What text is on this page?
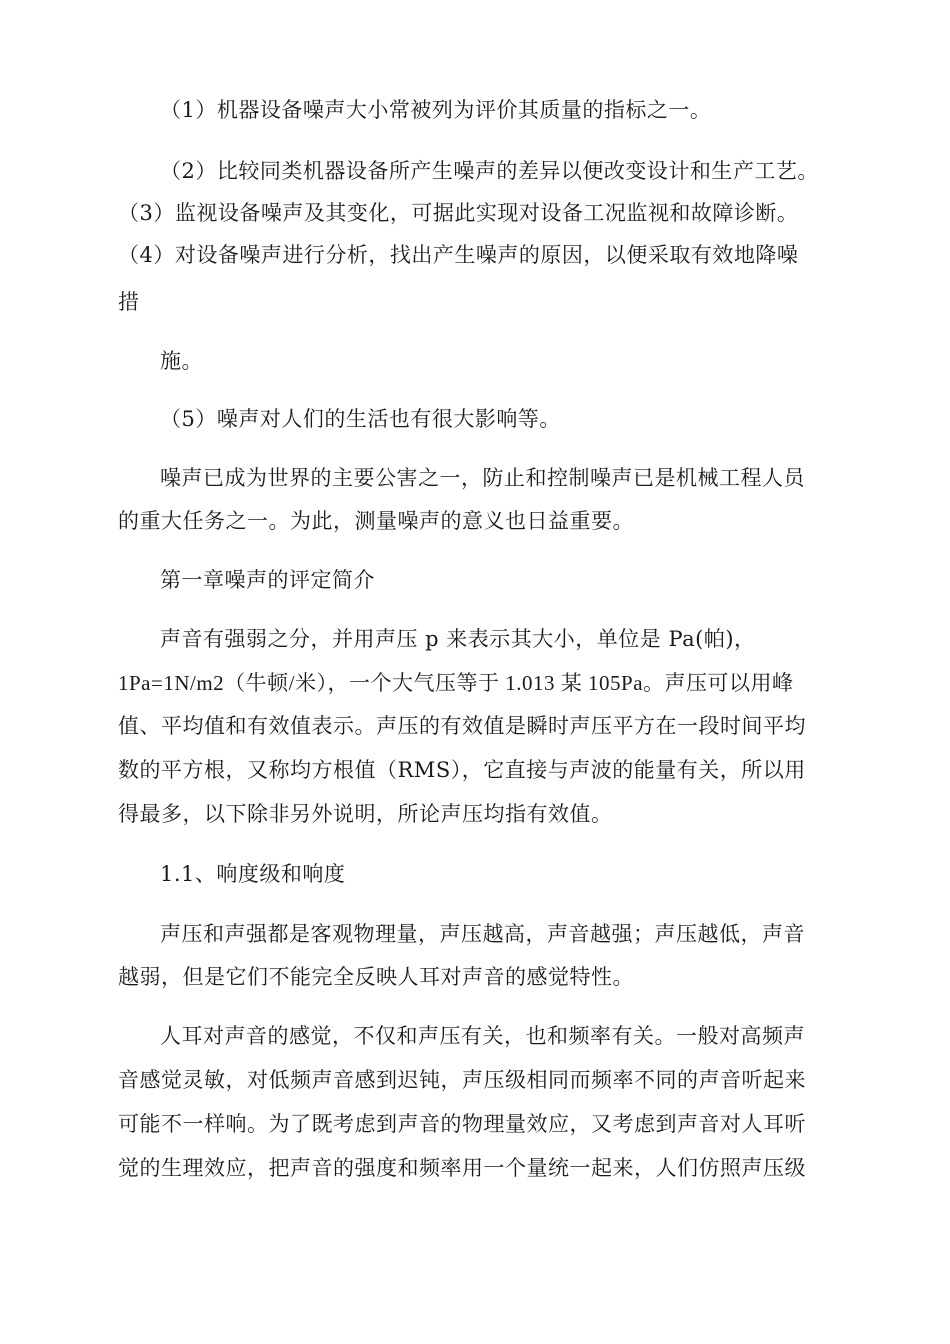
（1）机器设备噪声大小常被列为评价其质量的指标之一。
（2）比较同类机器设备所产生噪声的差异以便改变设计和生产工艺。
（3）监视设备噪声及其变化，可据此实现对设备工况监视和故障诊断。
（4）对设备噪声进行分析，找出产生噪声的原因，以便采取有效地降噪
措
施。
（5）噪声对人们的生活也有很大影响等。
噪声已成为世界的主要公害之一，防止和控制噪声已是机械工程人员
的重大任务之一。为此，测量噪声的意义也日益重要。
第一章噪声的评定简介
声音有强弱之分，并用声压 p 来表示其大小，单位是 Pa(帕)，
1Pa=1N/m2（牛顿/米），一个大气压等于 1.013 某 105Pa。声压可以用峰
值、平均值和有效值表示。声压的有效值是瞬时声压平方在一段时间平均
数的平方根，又称均方根值（RMS），它直接与声波的能量有关，所以用
得最多，以下除非另外说明，所论声压均指有效值。
1.1、响度级和响度
声压和声强都是客观物理量，声压越高，声音越强；声压越低，声音
越弱，但是它们不能完全反映人耳对声音的感觉特性。
人耳对声音的感觉，不仅和声压有关，也和频率有关。一般对高频声
音感觉灵敏，对低频声音感到迟钝，声压级相同而频率不同的声音听起来
可能不一样响。为了既考虑到声音的物理量效应，又考虑到声音对人耳听
觉的生理效应，把声音的强度和频率用一个量统一起来，人们仿照声压级
